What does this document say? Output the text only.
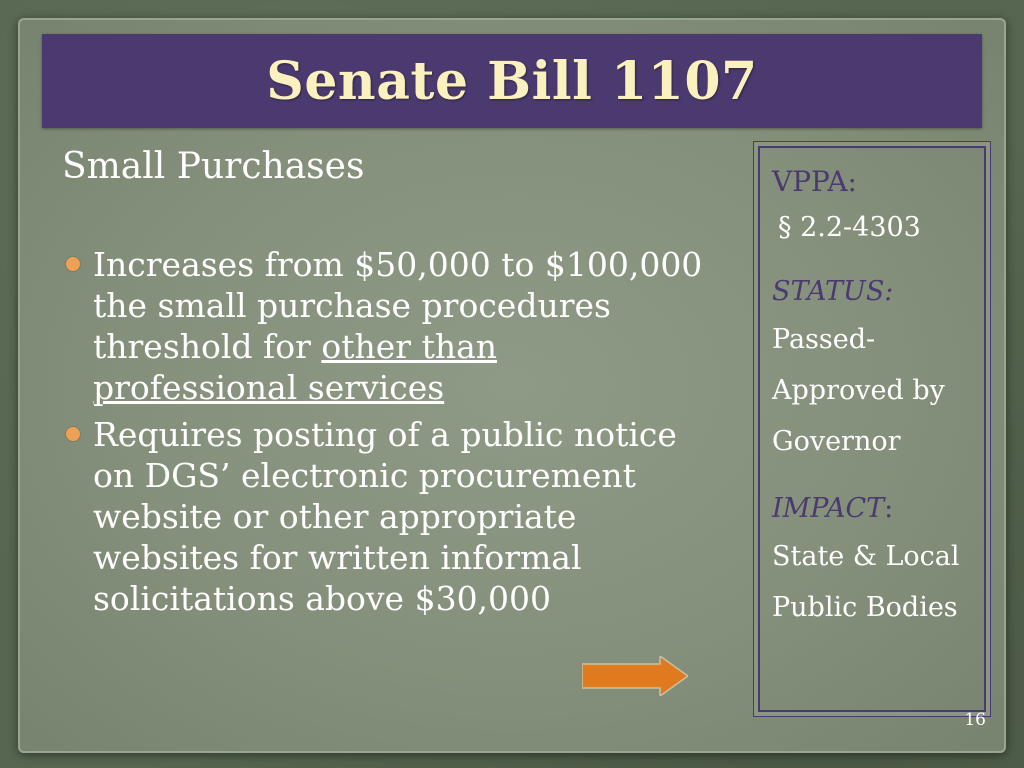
Senate Bill 1107
Small Purchases
Increases from $50,000 to $100,000 the small purchase procedures threshold for other than professional services
Requires posting of a public notice on DGS’ electronic procurement website or other appropriate websites for written informal solicitations above $30,000
VPPA:
§ 2.2-4303
STATUS:
Passed- Approved by Governor
IMPACT:
State & Local Public Bodies
16
